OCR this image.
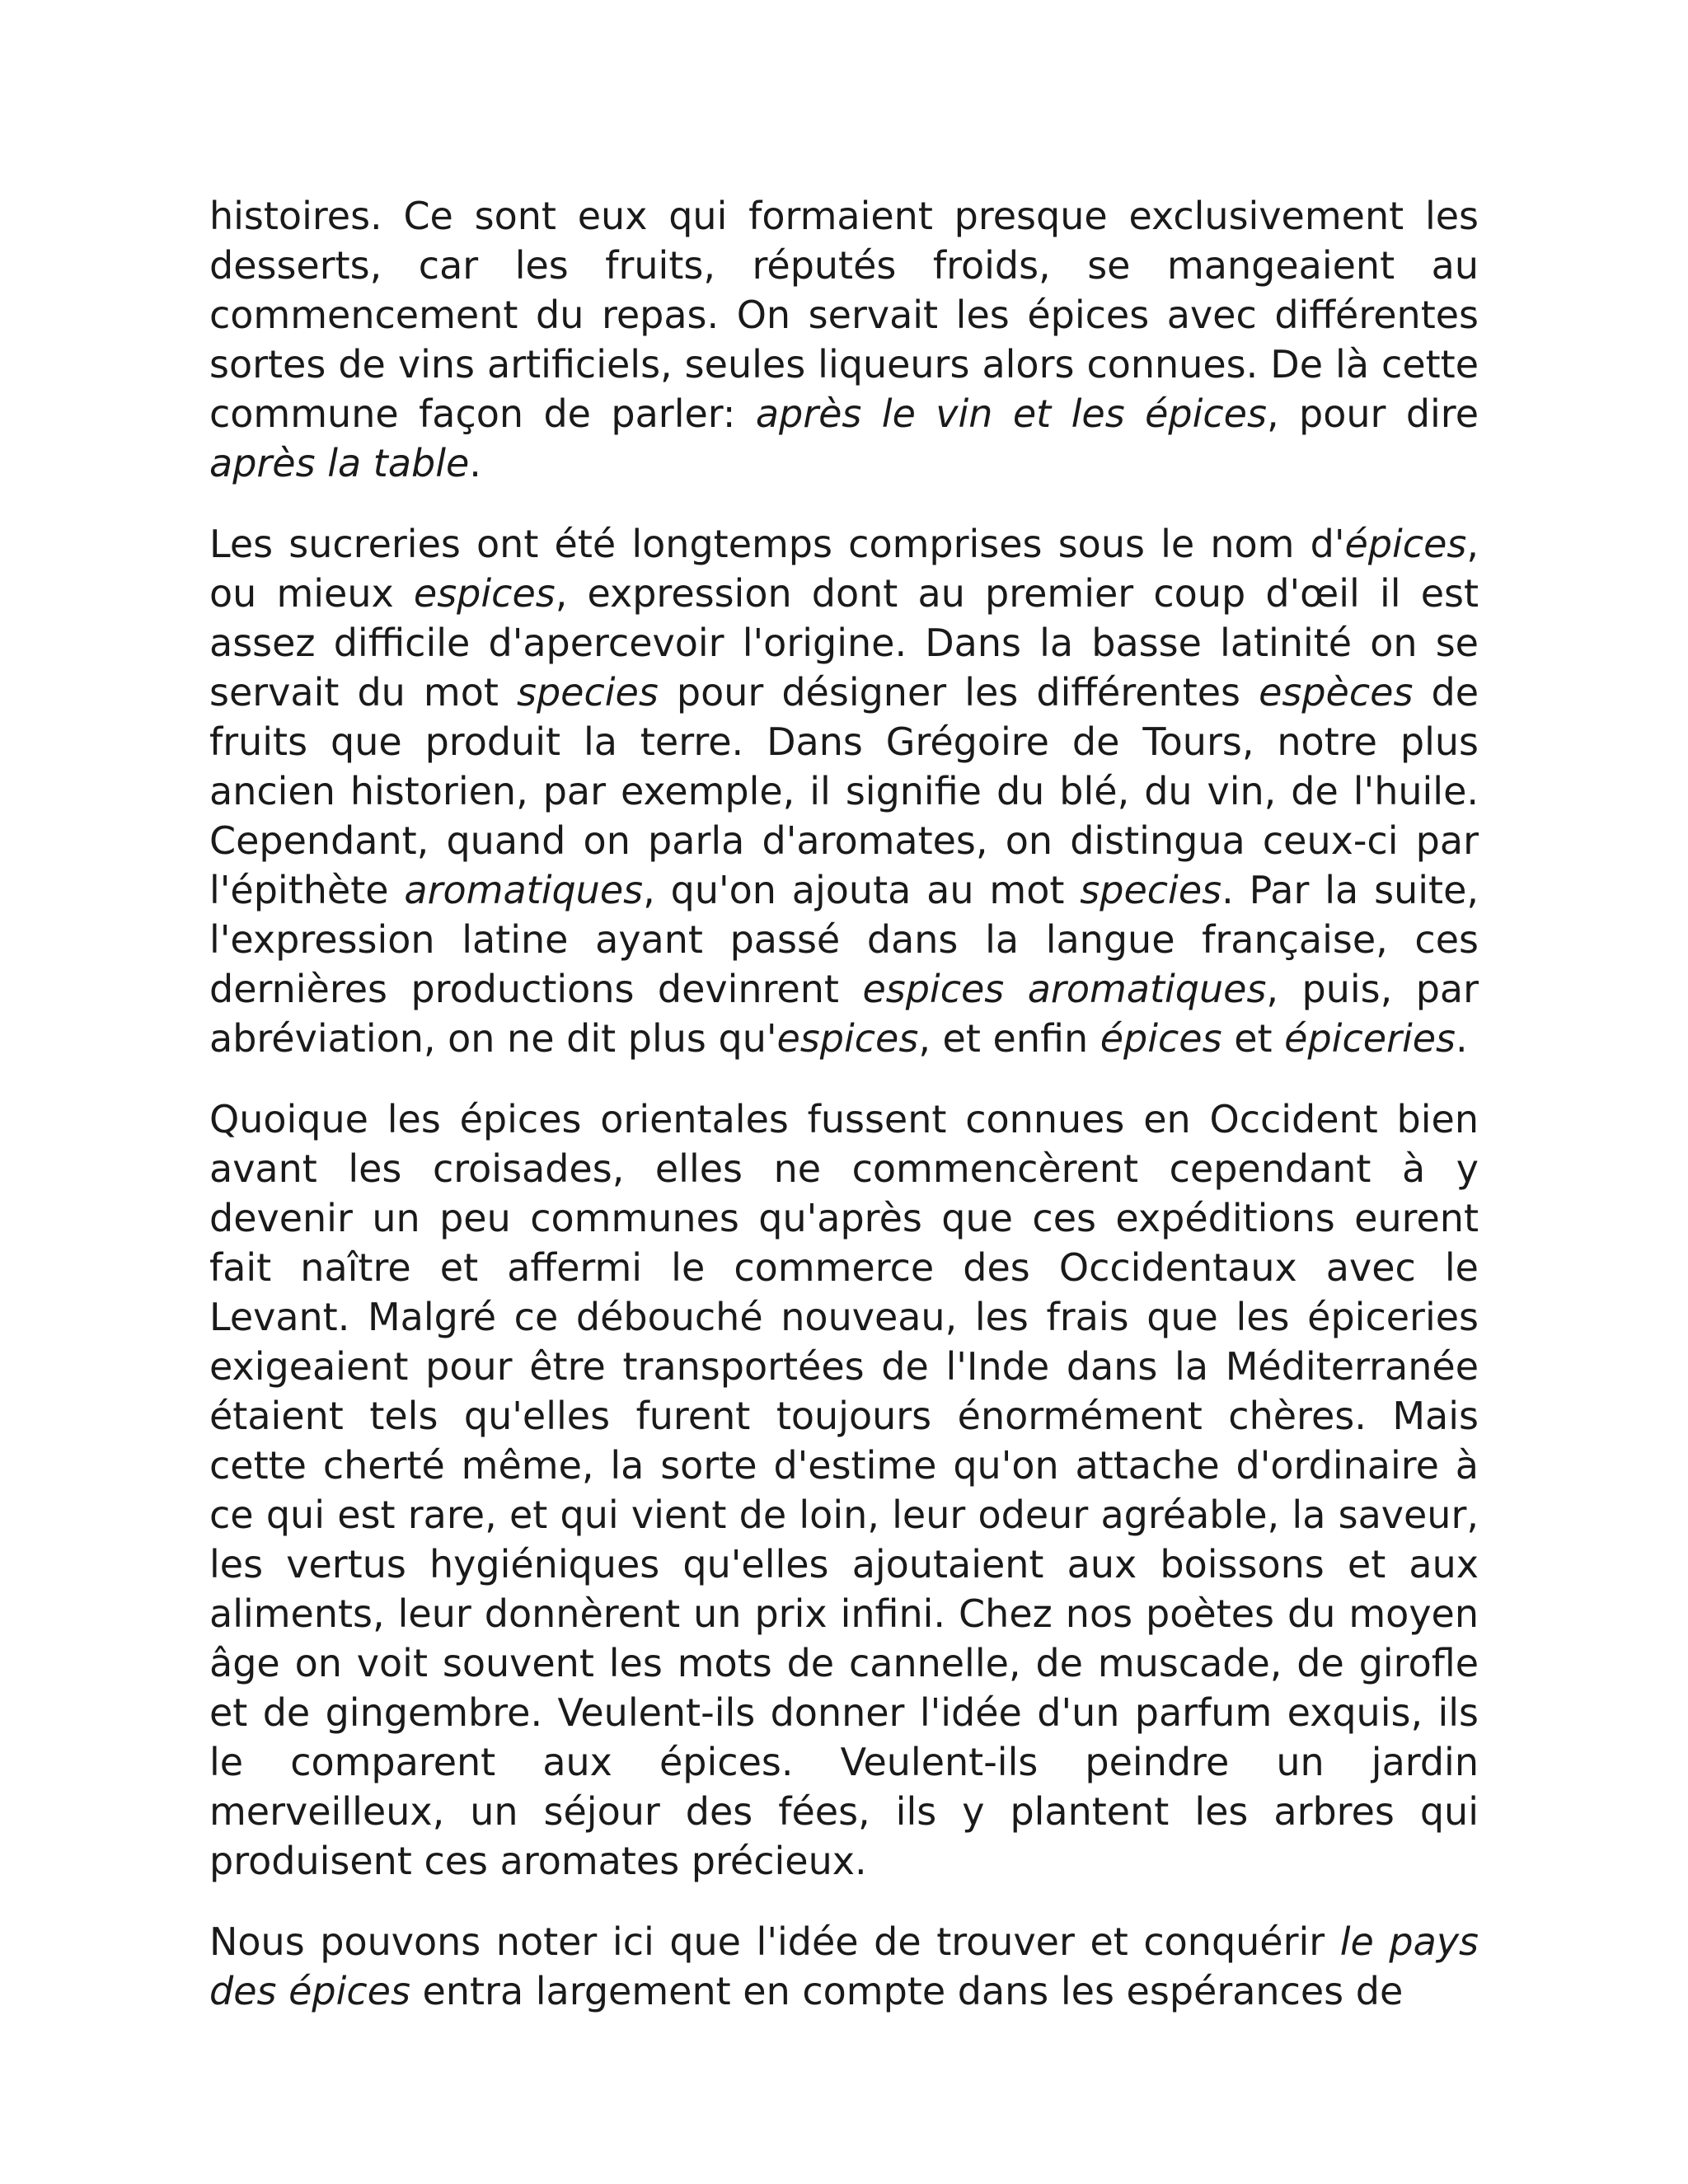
histoires. Ce sont eux qui formaient presque exclusivement les desserts, car les fruits, réputés froids, se mangeaient au commencement du repas. On servait les épices avec différentes sortes de vins artificiels, seules liqueurs alors connues. De là cette commune façon de parler: après le vin et les épices, pour dire après la table.

Les sucreries ont été longtemps comprises sous le nom d'épices, ou mieux espices, expression dont au premier coup d'œil il est assez difficile d'apercevoir l'origine. Dans la basse latinité on se servait du mot species pour désigner les différentes espèces de fruits que produit la terre. Dans Grégoire de Tours, notre plus ancien historien, par exemple, il signifie du blé, du vin, de l'huile. Cependant, quand on parla d'aromates, on distingua ceux-ci par l'épithète aromatiques, qu'on ajouta au mot species. Par la suite, l'expression latine ayant passé dans la langue française, ces dernières productions devinrent espices aromatiques, puis, par abréviation, on ne dit plus qu'espices, et enfin épices et épiceries.

Quoique les épices orientales fussent connues en Occident bien avant les croisades, elles ne commencèrent cependant à y devenir un peu communes qu'après que ces expéditions eurent fait naître et affermi le commerce des Occidentaux avec le Levant. Malgré ce débouché nouveau, les frais que les épiceries exigeaient pour être transportées de l'Inde dans la Méditerranée étaient tels qu'elles furent toujours énormément chères. Mais cette cherté même, la sorte d'estime qu'on attache d'ordinaire à ce qui est rare, et qui vient de loin, leur odeur agréable, la saveur, les vertus hygiéniques qu'elles ajoutaient aux boissons et aux aliments, leur donnèrent un prix infini. Chez nos poètes du moyen âge on voit souvent les mots de cannelle, de muscade, de girofle et de gingembre. Veulent-ils donner l'idée d'un parfum exquis, ils le comparent aux épices. Veulent-ils peindre un jardin merveilleux, un séjour des fées, ils y plantent les arbres qui produisent ces aromates précieux.

Nous pouvons noter ici que l'idée de trouver et conquérir le pays des épices entra largement en compte dans les espérances de
